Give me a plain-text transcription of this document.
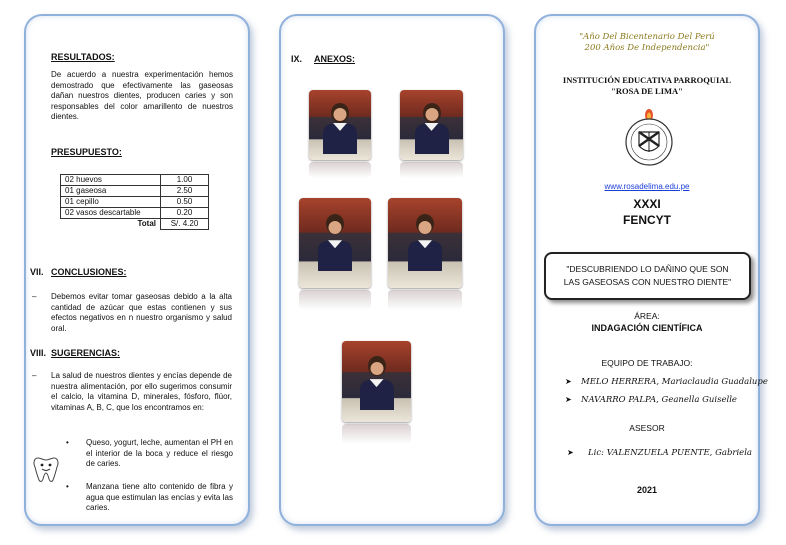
RESULTADOS:
De acuerdo a nuestra experimentación hemos demostrado que efectivamente las gaseosas dañan nuestros dientes, producen caries y son responsables del color amarillento de nuestros dientes.
PRESUPUESTO:
02 huevos	1.00
01 gaseosa	2.50
01 cepillo	0.50
02 vasos descartable	0.20
Total	S/. 4.20
VII. CONCLUSIONES:
– Debemos evitar tomar gaseosas debido a la alta cantidad de azúcar que estas contienen y sus efectos negativos en n nuestro organismo y salud oral.
VIII. SUGERENCIAS:
– La salud de nuestros dientes y encías depende de nuestra alimentación, por ello sugerimos consumir el calcio, la vitamina D, minerales, fósforo, flúor, vitaminas A, B, C, que los encontramos en:
• Queso, yogurt, leche, aumentan el PH en el interior de la boca y reduce el riesgo de caries.
• Manzana tiene alto contenido de fibra y agua que estimulan las encías y evita las caries.
IX. ANEXOS:
"Año Del Bicentenario Del Perú
200 Años De Independencia"
INSTITUCIÓN EDUCATIVA PARROQUIAL
"ROSA DE LIMA"
www.rosadelima.edu.pe
XXXI
FENCYT
"DESCUBRIENDO LO DAÑINO QUE SON
LAS GASEOSAS CON NUESTRO DIENTE"
ÁREA:
INDAGACIÓN CIENTÍFICA
EQUIPO DE TRABAJO:
➤ MELO HERRERA, Mariaclaudia Guadalupe
➤ NAVARRO PALPA, Geanella Guiselle
ASESOR
➤ Lic: VALENZUELA PUENTE, Gabriela
2021
